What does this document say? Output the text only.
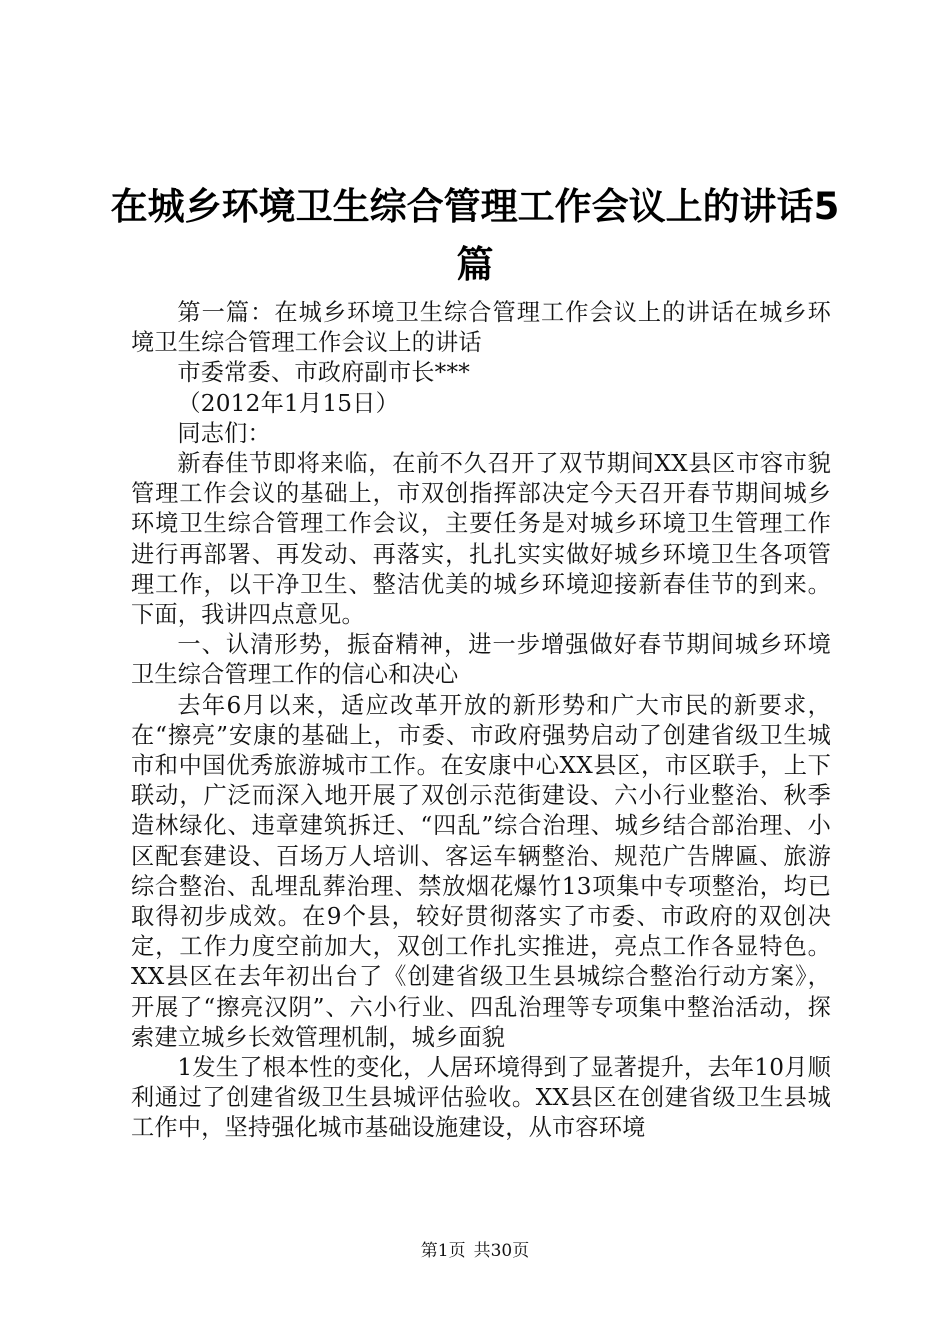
在城乡环境卫生综合管理工作会议上的讲话5篇

第一篇：在城乡环境卫生综合管理工作会议上的讲话在城乡环境卫生综合管理工作会议上的讲话

市委常委、市政府副市长***

（2012年1月15日）

同志们：

新春佳节即将来临，在前不久召开了双节期间XX县区市容市貌管理工作会议的基础上，市双创指挥部决定今天召开春节期间城乡环境卫生综合管理工作会议，主要任务是对城乡环境卫生管理工作进行再部署、再发动、再落实，扎扎实实做好城乡环境卫生各项管理工作，以干净卫生、整洁优美的城乡环境迎接新春佳节的到来。下面，我讲四点意见。

一、认清形势，振奋精神，进一步增强做好春节期间城乡环境卫生综合管理工作的信心和决心

去年6月以来，适应改革开放的新形势和广大市民的新要求，在“擦亮”安康的基础上，市委、市政府强势启动了创建省级卫生城市和中国优秀旅游城市工作。在安康中心XX县区，市区联手，上下联动，广泛而深入地开展了双创示范街建设、六小行业整治、秋季造林绿化、违章建筑拆迁、“四乱”综合治理、城乡结合部治理、小区配套建设、百场万人培训、客运车辆整治、规范广告牌匾、旅游综合整治、乱埋乱葬治理、禁放烟花爆竹13项集中专项整治，均已取得初步成效。在9个县，较好贯彻落实了市委、市政府的双创决定，工作力度空前加大，双创工作扎实推进，亮点工作各显特色。XX县区在去年初出台了《创建省级卫生县城综合整治行动方案》，开展了“擦亮汉阴”、六小行业、四乱治理等专项集中整治活动，探索建立城乡长效管理机制，城乡面貌

1发生了根本性的变化，人居环境得到了显著提升，去年10月顺利通过了创建省级卫生县城评估验收。XX县区在创建省级卫生县城工作中，坚持强化城市基础设施建设，从市容环境

第1页 共30页
